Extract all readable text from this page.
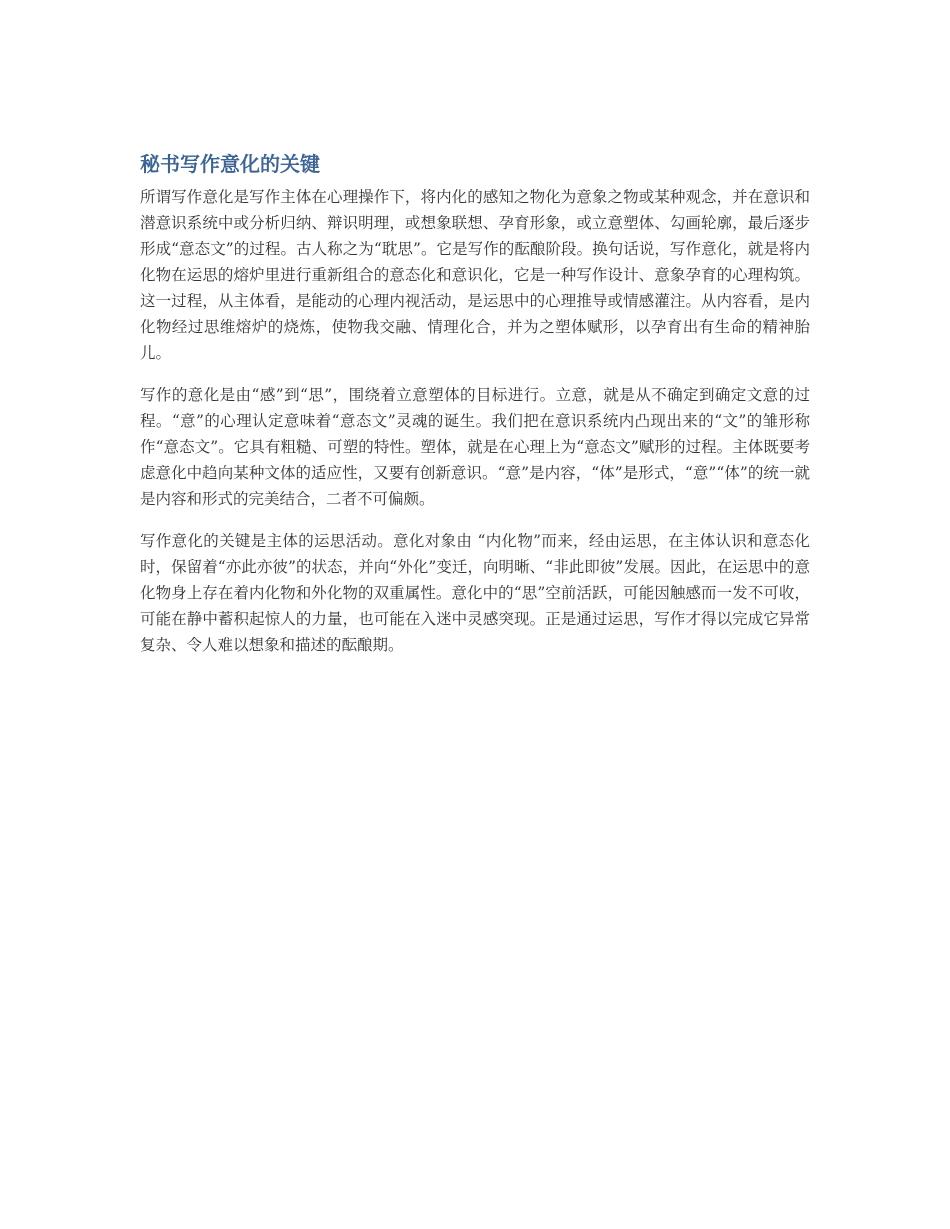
秘书写作意化的关键

所谓写作意化是写作主体在心理操作下，将内化的感知之物化为意象之物或某种观念，并在意识和潜意识系统中或分析归纳、辩识明理，或想象联想、孕育形象，或立意塑体、勾画轮廓，最后逐步形成“意态文”的过程。古人称之为“耽思”。它是写作的酝酿阶段。换句话说，写作意化，就是将内化物在运思的熔炉里进行重新组合的意态化和意识化，它是一种写作设计、意象孕育的心理构筑。这一过程，从主体看，是能动的心理内视活动，是运思中的心理推导或情感灌注。从内容看，是内化物经过思维熔炉的烧炼，使物我交融、情理化合，并为之塑体赋形，以孕育出有生命的精神胎儿。

写作的意化是由“感”到“思”，围绕着立意塑体的目标进行。立意，就是从不确定到确定文意的过程。“意”的心理认定意味着“意态文”灵魂的诞生。我们把在意识系统内凸现出来的“文”的雏形称作“意态文”。它具有粗糙、可塑的特性。塑体，就是在心理上为“意态文”赋形的过程。主体既要考虑意化中趋向某种文体的适应性，又要有创新意识。“意”是内容，“体”是形式，“意”“体”的统一就是内容和形式的完美结合，二者不可偏颇。

写作意化的关键是主体的运思活动。意化对象由 “内化物”而来，经由运思，在主体认识和意态化时，保留着“亦此亦彼”的状态，并向“外化”变迁，向明晰、“非此即彼”发展。因此，在运思中的意化物身上存在着内化物和外化物的双重属性。意化中的“思”空前活跃，可能因触感而一发不可收，可能在静中蓄积起惊人的力量，也可能在入迷中灵感突现。正是通过运思，写作才得以完成它异常复杂、令人难以想象和描述的酝酿期。
